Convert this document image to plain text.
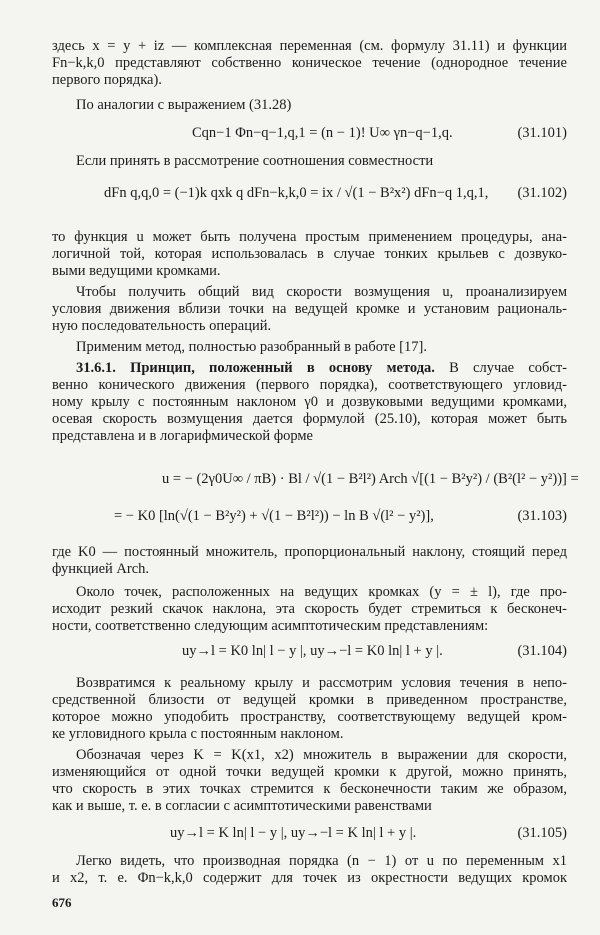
здесь x = y + iz — комплексная переменная (см. формулу 31.11) и функции
Fn−k,k,0 представляют собственно коническое течение (однородное течение
первого порядка).
По аналогии с выражением (31.28)
Cqn−1 Φn−q−1,q,1 = (n − 1)! U∞ γn−q−1,q.	(31.101)
Если принять в рассмотрение соотношения совместности
dFn q,q,0 = (−1)k qxk q dFn−k,k,0 = ix / √(1 − B²x²) dFn−q 1,q,1, (31.102)
то функция u может быть получена простым применением процедуры, ана-
логичной той, которая использовалась в случае тонких крыльев с дозвуко-
выми ведущими кромками.
Чтобы получить общий вид скорости возмущения u, проанализируем
условия движения вблизи точки на ведущей кромке и установим рациональ-
ную последовательность операций.
Применим метод, полностью разобранный в работе [17].
31.6.1. Принцип, положенный в основу метода. В случае собст-
венно конического движения (первого порядка), соответствующего угловид-
ному крылу с постоянным наклоном γ0 и дозвуковыми ведущими кромками,
осевая скорость возмущения дается формулой (25.10), которая может быть
представлена и в логарифмической форме
u = − (2γ0U∞ / πB) · Bl / √(1 − B²l²) Arch √[(1 − B²y²) / (B²(l² − y²))] =
= − K0 [ln(√(1 − B²y²) + √(1 − B²l²)) − ln B √(l² − y²)],	(31.103)
где K0 — постоянный множитель, пропорциональный наклону, стоящий перед
функцией Arch.
Около точек, расположенных на ведущих кромках (y = ± l), где про-
исходит резкий скачок наклона, эта скорость будет стремиться к бесконеч-
ности, соответственно следующим асимптотическим представлениям:
uy→l = K0 ln| l − y |, uy→−l = K0 ln| l + y |.	(31.104)
Возвратимся к реальному крылу и рассмотрим условия течения в непо-
средственной близости от ведущей кромки в приведенном пространстве,
которое можно уподобить пространству, соответствующему ведущей кром-
ке угловидного крыла с постоянным наклоном.
Обозначая через K = K(x1, x2) множитель в выражении для скорости,
изменяющийся от одной точки ведущей кромки к другой, можно принять,
что скорость в этих точках стремится к бесконечности таким же образом,
как и выше, т. е. в согласии с асимптотическими равенствами
uy→l = K ln| l − y |, uy→−l = K ln| l + y |.	(31.105)
Легко видеть, что производная порядка (n − 1) от u по переменным x1
и x2, т. е. Φn−k,k,0 содержит для точек из окрестности ведущих кромок
676
